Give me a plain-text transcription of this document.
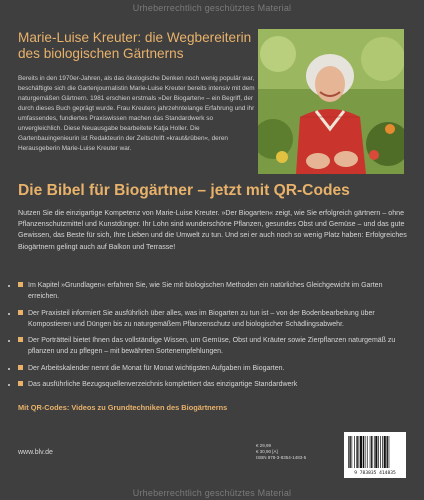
Urheberrechtlich geschütztes Material
Marie-Luise Kreuter: die Wegbereiterin des biologischen Gärtnerns

Bereits in den 1970er-Jahren, als das ökologische Denken noch wenig populär war, beschäftigte sich die Gartenjournalistin Marie-Luise Kreuter bereits intensiv mit dem naturgemäßen Gärtnern. 1981 erschien erstmals »Der Biogarten« – ein Begriff, der durch dieses Buch geprägt wurde. Frau Kreuters jahrzehntelange Erfahrung und ihr umfassendes, fundiertes Praxiswissen machen das Standardwerk so unvergleichlich. Diese Neuausgabe bearbeitete Katja Holler. Die Gartenbauingenieurin ist Redakteurin der Zeitschrift »kraut&rüben«, deren Herausgeberin Marie-Luise Kreuter war.

Die Bibel für Biogärtner – jetzt mit QR-Codes

Nutzen Sie die einzigartige Kompetenz von Marie-Luise Kreuter. »Der Biogarten« zeigt, wie Sie erfolgreich gärtnern – ohne Pflanzenschutzmittel und Kunstdünger. Ihr Lohn sind wunderschöne Pflanzen, gesundes Obst und Gemüse – und das gute Gewissen, das Beste für sich, Ihre Lieben und die Umwelt zu tun. Und sei er auch noch so wenig Platz haben: Erfolgreiches Biogärtnern gelingt auch auf Balkon und Terrasse!

• Im Kapitel »Grundlagen« erfahren Sie, wie Sie mit biologischen Methoden ein natürliches Gleichgewicht im Garten erreichen.
• Der Praxisteil informiert Sie ausführlich über alles, was im Biogarten zu tun ist – von der Bodenbearbeitung über Kompostieren und Düngen bis zu naturgemäßem Pflanzenschutz und biologischer Schädlingsabwehr.
• Der Porträtteil bietet Ihnen das vollständige Wissen, um Gemüse, Obst und Kräuter sowie Zierpflanzen naturgemäß zu pflanzen und zu pflegen – mit bewährten Sortenempfehlungen.
• Der Arbeitskalender nennt die Monat für Monat wichtigsten Aufgaben im Biogarten.
• Das ausführliche Bezugsquellenverzeichnis komplettiert das einzigartige Standardwerk
Mit QR-Codes: Videos zu Grundtechniken des Biogärtnerns
www.blv.de
€ 29,99
€ 30,90 [A]
ISBN 978-3-8354-1483-5
9 783835 414835
Urheberrechtlich geschütztes Material
